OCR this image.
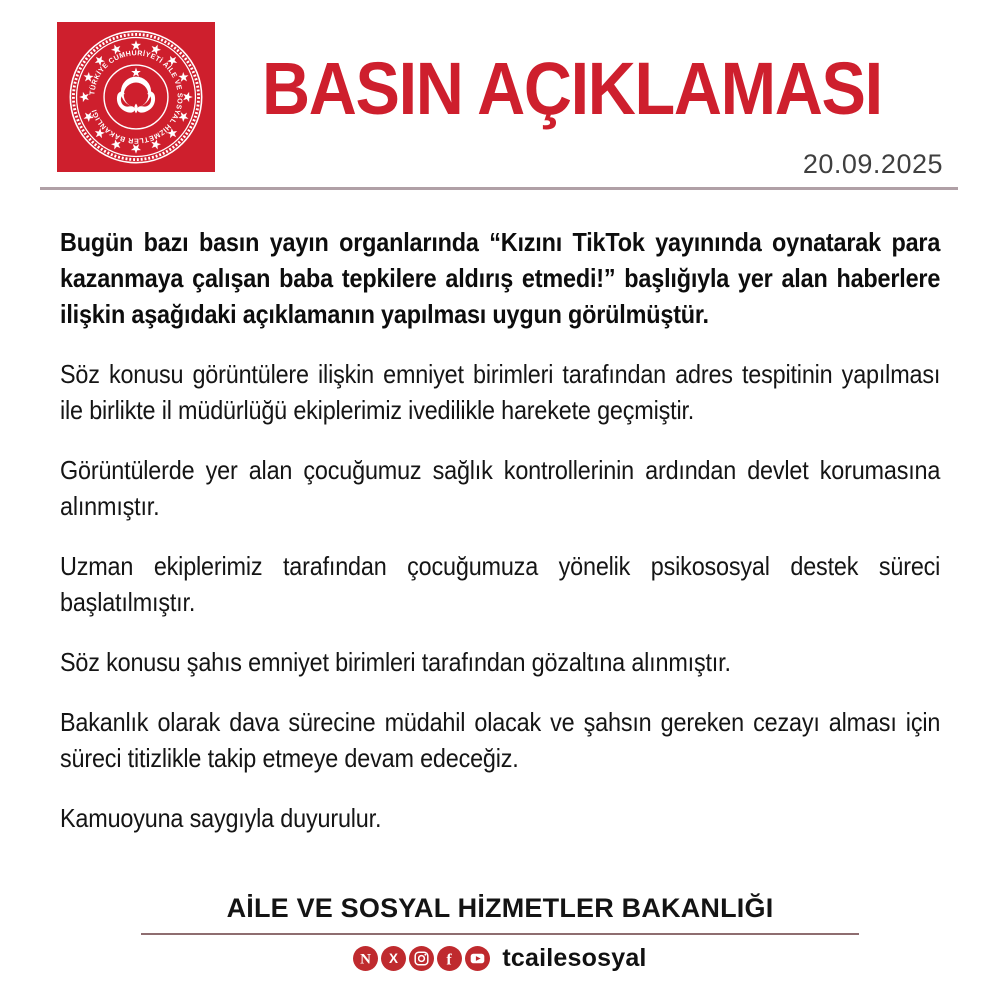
TÜRKİYE CUMHURİYETİ AİLE VE SOSYAL HİZMETLER BAKANLIĞI	BASIN AÇIKLAMASI
20.09.2025

Bugün bazı basın yayın organlarında “Kızını TikTok yayınında oynatarak para kazanmaya çalışan baba tepkilere aldırış etmedi!” başlığıyla yer alan haberlere ilişkin aşağıdaki açıklamanın yapılması uygun görülmüştür.

Söz konusu görüntülere ilişkin emniyet birimleri tarafından adres tespitinin yapılması ile birlikte il müdürlüğü ekiplerimiz ivedilikle harekete geçmiştir.

Görüntülerde yer alan çocuğumuz sağlık kontrollerinin ardından devlet korumasına alınmıştır.

Uzman ekiplerimiz tarafından çocuğumuza yönelik psikososyal destek süreci başlatılmıştır.

Söz konusu şahıs emniyet birimleri tarafından gözaltına alınmıştır.

Bakanlık olarak dava sürecine müdahil olacak ve şahsın gereken cezayı alması için süreci titizlikle takip etmeye devam edeceğiz.

Kamuoyuna saygıyla duyurulur.

AİLE VE SOSYAL HİZMETLER BAKANLIĞI
N X	f tcailesosyal
